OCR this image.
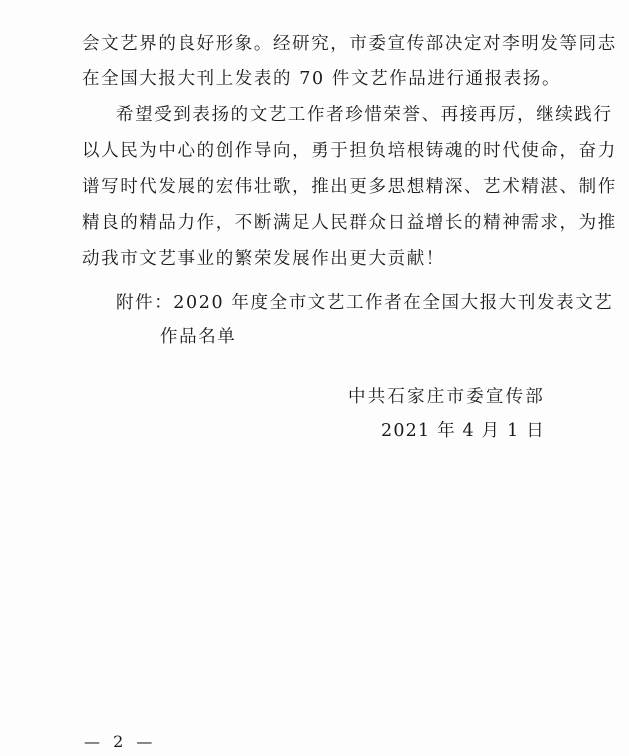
会文艺界的良好形象。经研究，市委宣传部决定对李明发等同志
在全国大报大刊上发表的 70 件文艺作品进行通报表扬。
希望受到表扬的文艺工作者珍惜荣誉、再接再厉，继续践行
以人民为中心的创作导向，勇于担负培根铸魂的时代使命，奋力
谱写时代发展的宏伟壮歌，推出更多思想精深、艺术精湛、制作
精良的精品力作，不断满足人民群众日益增长的精神需求，为推
动我市文艺事业的繁荣发展作出更大贡献！
附件：2020 年度全市文艺工作者在全国大报大刊发表文艺
作品名单
中共石家庄市委宣传部
2021 年 4 月 1 日
— 2 —
